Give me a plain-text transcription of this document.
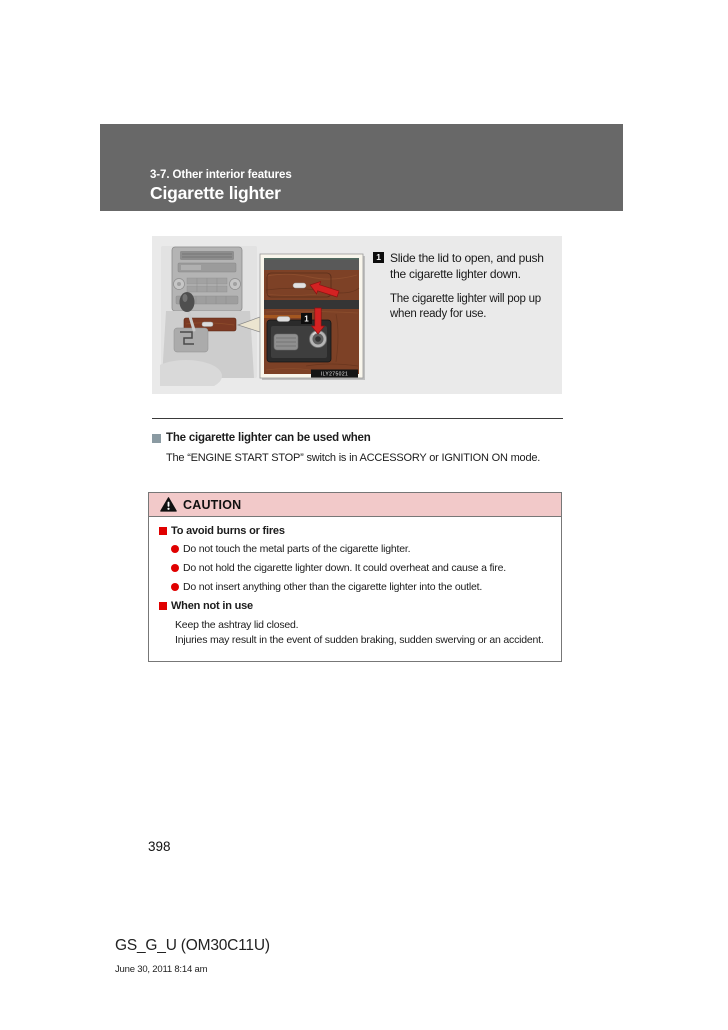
3-7. Other interior features
Cigarette lighter
1
ILY275021
1 Slide the lid to open, and push the cigarette lighter down.

The cigarette lighter will pop up when ready for use.

The cigarette lighter can be used when

The “ENGINE START STOP” switch is in ACCESSORY or IGNITION ON mode.

CAUTION
To avoid burns or fires
Do not touch the metal parts of the cigarette lighter.
Do not hold the cigarette lighter down. It could overheat and cause a fire.
Do not insert anything other than the cigarette lighter into the outlet.
When not in use

Keep the ashtray lid closed.

Injuries may result in the event of sudden braking, sudden swerving or an accident.

398
GS_G_U (OM30C11U)
June 30, 2011 8:14 am
